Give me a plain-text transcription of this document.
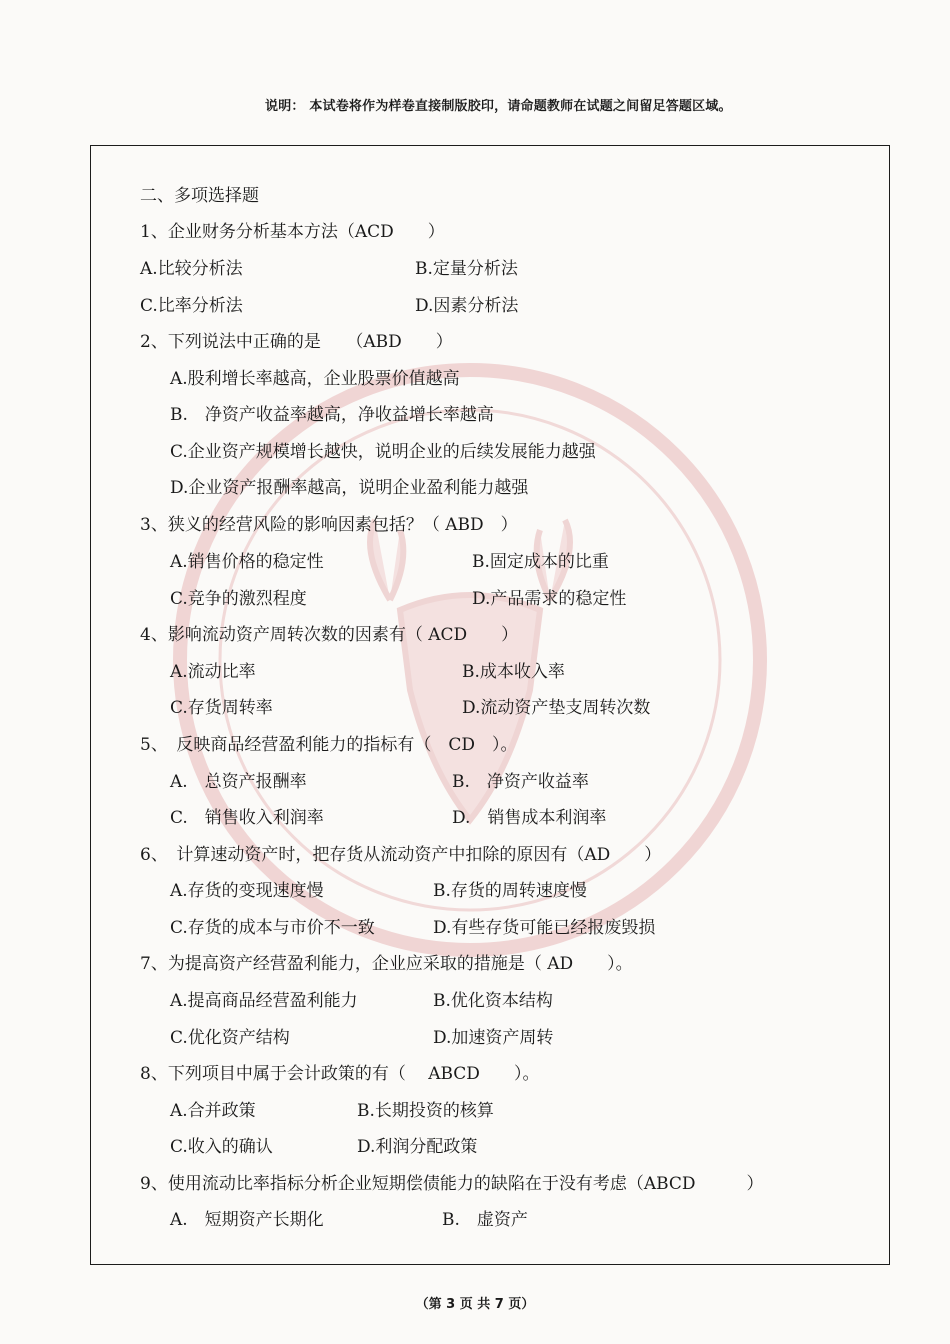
说明： 本试卷将作为样卷直接制版胶印，请命题教师在试题之间留足答题区域。
二、多项选择题
1、企业财务分析基本方法（ACD　　）
A.比较分析法	B.定量分析法
C.比率分析法	D.因素分析法
2、下列说法中正确的是　　（ABD　　）
A.股利增长率越高，企业股票价值越高
B.　净资产收益率越高，净收益增长率越高
C.企业资产规模增长越快，说明企业的后续发展能力越强
D.企业资产报酬率越高，说明企业盈利能力越强
3、狭义的经营风险的影响因素包括？（ ABD　）
A.销售价格的稳定性	B.固定成本的比重
C.竞争的激烈程度	D.产品需求的稳定性
4、影响流动资产周转次数的因素有（ ACD　　）
A.流动比率	B.成本收入率
C.存货周转率	D.流动资产垫支周转次数
5、　反映商品经营盈利能力的指标有（　CD　）。
A.　总资产报酬率	B.　净资产收益率
C.　销售收入利润率	D.　销售成本利润率
6、　计算速动资产时，把存货从流动资产中扣除的原因有（AD　　）
A.存货的变现速度慢	B.存货的周转速度慢
C.存货的成本与市价不一致	D.有些存货可能已经报废毁损
7、为提高资产经营盈利能力，企业应采取的措施是（ AD　　）。
A.提高商品经营盈利能力	B.优化资本结构
C.优化资产结构	D.加速资产周转
8、下列项目中属于会计政策的有（　 ABCD　　）。
A.合并政策	B.长期投资的核算
C.收入的确认	D.利润分配政策
9、使用流动比率指标分析企业短期偿债能力的缺陷在于没有考虑（ABCD　　　）
A.　短期资产长期化	B.　虚资产
（第 3 页 共 7 页）
